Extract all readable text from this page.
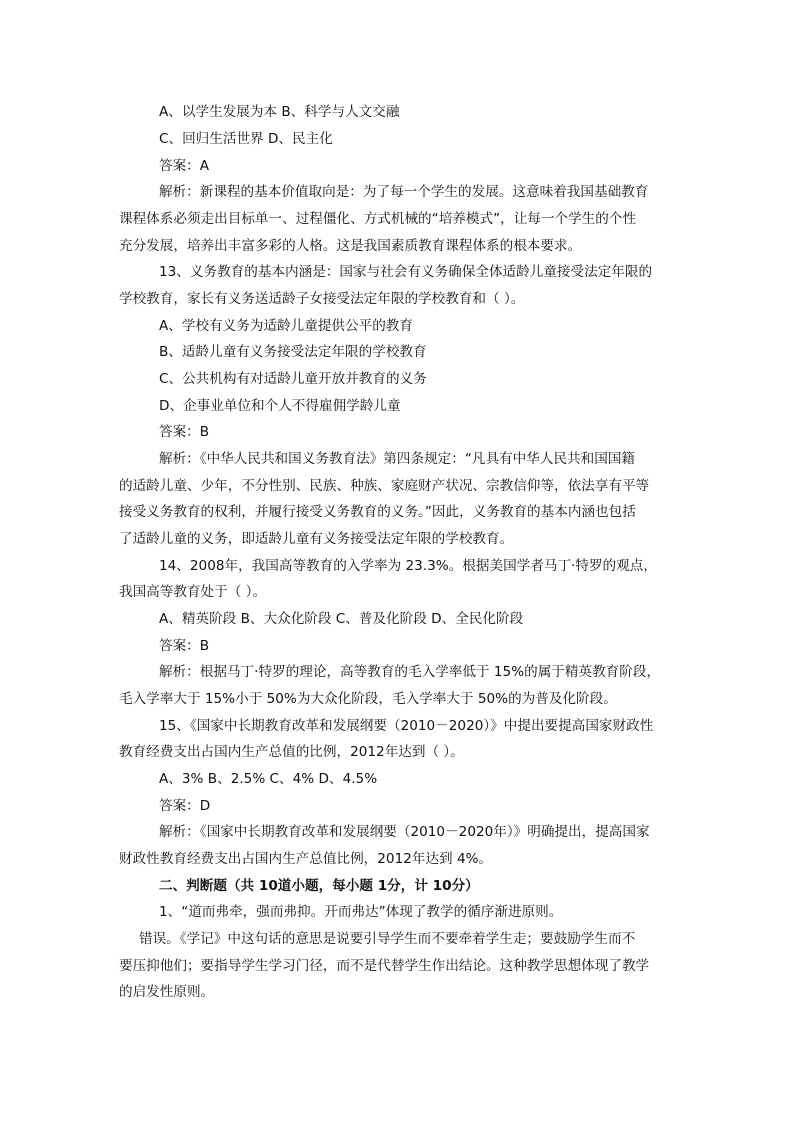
A、以学生发展为本 B、科学与人文交融
C、回归生活世界 D、民主化
答案：A
解析：新课程的基本价值取向是：为了每一个学生的发展。这意味着我国基础教育
课程体系必须走出目标单一、过程僵化、方式机械的“培养模式”，让每一个学生的个性
充分发展，培养出丰富多彩的人格。这是我国素质教育课程体系的根本要求。
13、义务教育的基本内涵是：国家与社会有义务确保全体适龄儿童接受法定年限的
学校教育，家长有义务送适龄子女接受法定年限的学校教育和（ ）。
A、学校有义务为适龄儿童提供公平的教育
B、适龄儿童有义务接受法定年限的学校教育
C、公共机构有对适龄儿童开放并教育的义务
D、企事业单位和个人不得雇佣学龄儿童
答案：B
解析：《中华人民共和国义务教育法》第四条规定：“凡具有中华人民共和国国籍
的适龄儿童、少年，不分性别、民族、种族、家庭财产状况、宗教信仰等，依法享有平等
接受义务教育的权利，并履行接受义务教育的义务。”因此，义务教育的基本内涵也包括
了适龄儿童的义务，即适龄儿童有义务接受法定年限的学校教育。
14、2008年，我国高等教育的入学率为 23.3%。根据美国学者马丁·特罗的观点，
我国高等教育处于（ ）。
A、精英阶段 B、大众化阶段 C、普及化阶段 D、全民化阶段
答案：B
解析：根据马丁·特罗的理论，高等教育的毛入学率低于 15%的属于精英教育阶段，
毛入学率大于 15%小于 50%为大众化阶段，毛入学率大于 50%的为普及化阶段。
15、《国家中长期教育改革和发展纲要（2010－2020）》中提出要提高国家财政性
教育经费支出占国内生产总值的比例，2012年达到（ ）。
A、3% B、2.5% C、4% D、4.5%
答案：D
解析：《国家中长期教育改革和发展纲要（2010－2020年）》明确提出，提高国家
财政性教育经费支出占国内生产总值比例，2012年达到 4%。
二、判断题（共 10道小题，每小题 1分，计 10分）
1、“道而弗牵，强而弗抑。开而弗达”体现了教学的循序渐进原则。
错误。《学记》中这句话的意思是说要引导学生而不要牵着学生走；要鼓励学生而不
要压抑他们；要指导学生学习门径，而不是代替学生作出结论。这种教学思想体现了教学
的启发性原则。
